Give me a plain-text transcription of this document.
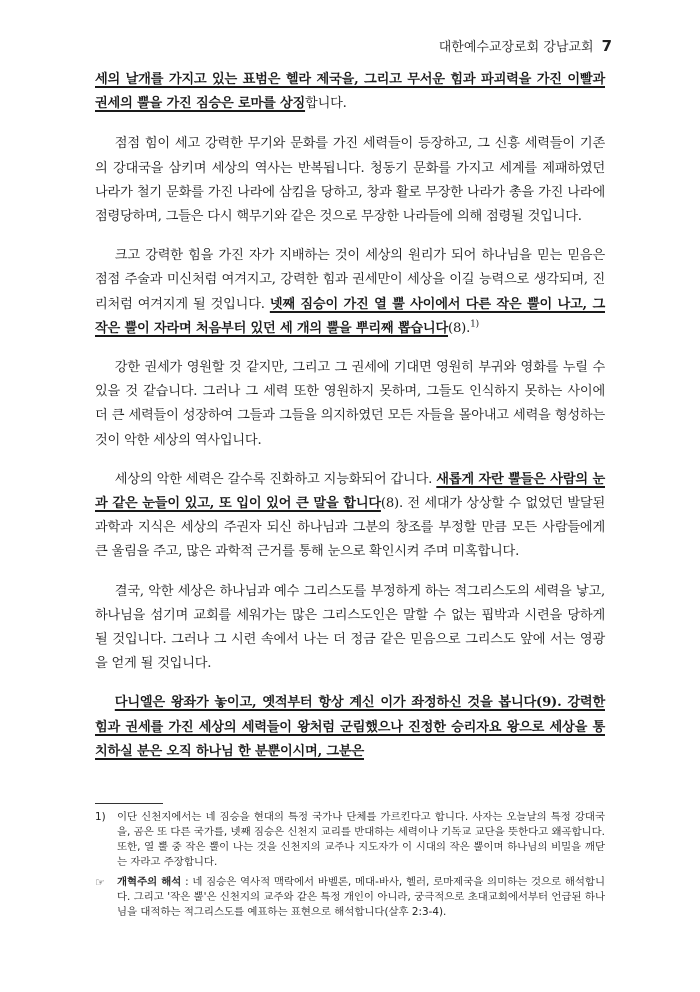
대한예수교장로회 강남교회 7

세의 날개를 가지고 있는 표범은 헬라 제국을, 그리고 무서운 힘과 파괴력을 가진 이빨과 권세의 뿔을 가진 짐승은 로마를 상징합니다.

점점 힘이 세고 강력한 무기와 문화를 가진 세력들이 등장하고, 그 신흥 세력들이 기존의 강대국을 삼키며 세상의 역사는 반복됩니다. 청동기 문화를 가지고 세계를 제패하였던 나라가 철기 문화를 가진 나라에 삼킴을 당하고, 창과 활로 무장한 나라가 총을 가진 나라에 점령당하며, 그들은 다시 핵무기와 같은 것으로 무장한 나라들에 의해 점령될 것입니다.

크고 강력한 힘을 가진 자가 지배하는 것이 세상의 원리가 되어 하나님을 믿는 믿음은 점점 주술과 미신처럼 여겨지고, 강력한 힘과 권세만이 세상을 이길 능력으로 생각되며, 진리처럼 여겨지게 될 것입니다. 넷째 짐승이 가진 열 뿔 사이에서 다른 작은 뿔이 나고, 그 작은 뿔이 자라며 처음부터 있던 세 개의 뿔을 뿌리째 뽑습니다(8).$^{1)}$

강한 권세가 영원할 것 같지만, 그리고 그 권세에 기대면 영원히 부귀와 영화를 누릴 수 있을 것 같습니다. 그러나 그 세력 또한 영원하지 못하며, 그들도 인식하지 못하는 사이에 더 큰 세력들이 성장하여 그들과 그들을 의지하였던 모든 자들을 몰아내고 세력을 형성하는 것이 악한 세상의 역사입니다.

세상의 악한 세력은 갈수록 진화하고 지능화되어 갑니다. 새롭게 자란 뿔들은 사람의 눈과 같은 눈들이 있고, 또 입이 있어 큰 말을 합니다(8). 전 세대가 상상할 수 없었던 발달된 과학과 지식은 세상의 주권자 되신 하나님과 그분의 창조를 부정할 만큼 모든 사람들에게 큰 울림을 주고, 많은 과학적 근거를 통해 눈으로 확인시켜 주며 미혹합니다.

결국, 악한 세상은 하나님과 예수 그리스도를 부정하게 하는 적그리스도의 세력을 낳고, 하나님을 섬기며 교회를 세워가는 많은 그리스도인은 말할 수 없는 핍박과 시련을 당하게 될 것입니다. 그러나 그 시련 속에서 나는 더 정금 같은 믿음으로 그리스도 앞에 서는 영광을 얻게 될 것입니다.

다니엘은 왕좌가 놓이고, 옛적부터 항상 계신 이가 좌정하신 것을 봅니다(9). 강력한 힘과 권세를 가진 세상의 세력들이 왕처럼 군림했으나 진정한 승리자요 왕으로 세상을 통치하실 분은 오직 하나님 한 분뿐이시며, 그분은

1)	이단 신천지에서는 네 짐승을 현대의 특정 국가나 단체를 가르킨다고 합니다. 사자는 오늘날의 특정 강대국을, 곰은 또 다른 국가를, 넷째 짐승은 신천지 교리를 반대하는 세력이나 기독교 교단을 뜻한다고 왜곡합니다. 또한, 열 뿔 중 작은 뿔이 나는 것을 신천지의 교주나 지도자가 이 시대의 작은 뿔이며 하나님의 비밀을 깨닫는 자라고 주장합니다.
☞	개혁주의 해석 : 네 짐승은 역사적 맥락에서 바벨론, 메대-바사, 헬러, 로마제국을 의미하는 것으로 해석합니다. 그리고 '작은 뿔'은 신천지의 교주와 같은 특정 개인이 아니라, 궁극적으로 초대교회에서부터 언급된 하나님을 대적하는 적그리스도를 예표하는 표현으로 해석합니다(살후 2:3-4).
